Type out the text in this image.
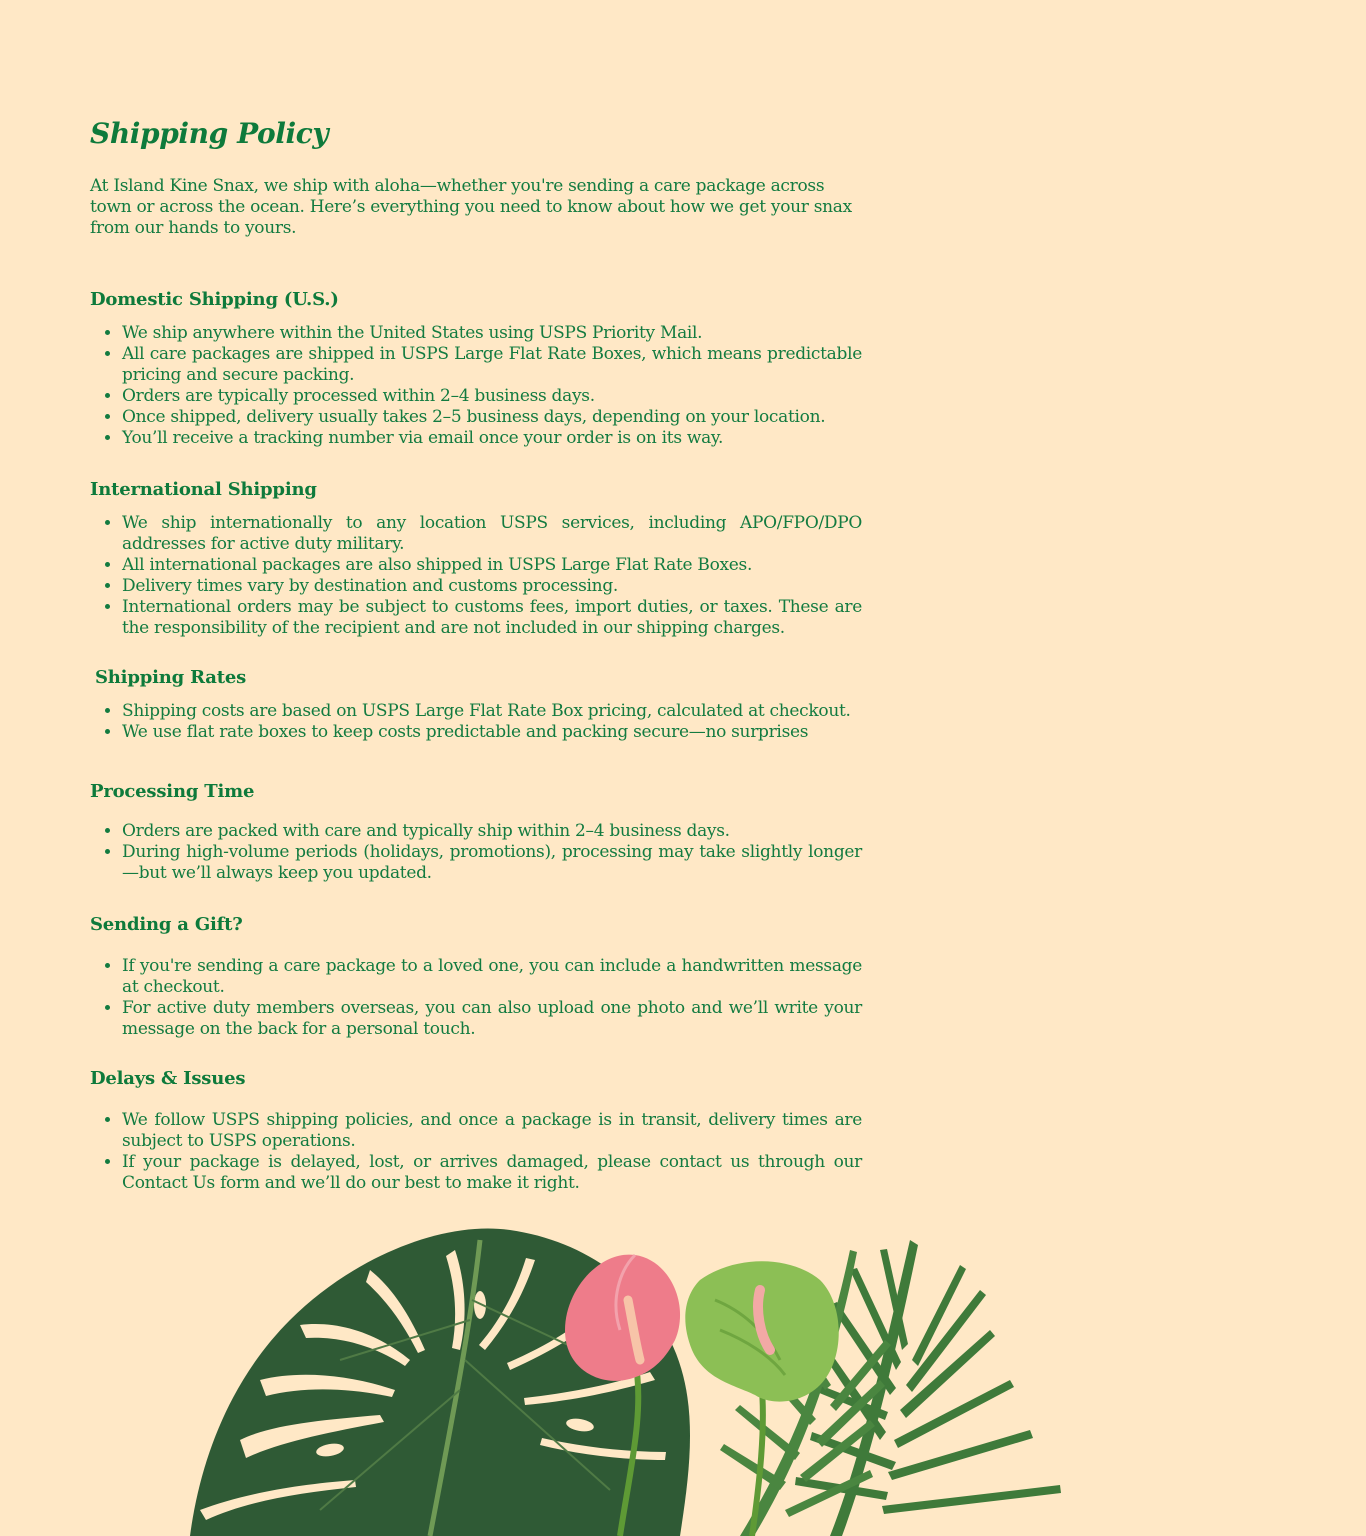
Shipping Policy

At Island Kine Snax, we ship with aloha—whether you're sending a care package across town or across the ocean. Here’s everything you need to know about how we get your snax from our hands to yours.

Domestic Shipping (U.S.)
• We ship anywhere within the United States using USPS Priority Mail.
• All care packages are shipped in USPS Large Flat Rate Boxes, which means predictable pricing and secure packing.
• Orders are typically processed within 2–4 business days.
• Once shipped, delivery usually takes 2–5 business days, depending on your location.
• You’ll receive a tracking number via email once your order is on its way.
International Shipping
• We ship internationally to any location USPS services, including APO/FPO/DPO addresses for active duty military.
• All international packages are also shipped in USPS Large Flat Rate Boxes.
• Delivery times vary by destination and customs processing.
• International orders may be subject to customs fees, import duties, or taxes. These are the responsibility of the recipient and are not included in our shipping charges.
Shipping Rates
• Shipping costs are based on USPS Large Flat Rate Box pricing, calculated at checkout.
• We use flat rate boxes to keep costs predictable and packing secure—no surprises
Processing Time
• Orders are packed with care and typically ship within 2–4 business days.
• During high-volume periods (holidays, promotions), processing may take slightly longer—but we’ll always keep you updated.
Sending a Gift?
• If you're sending a care package to a loved one, you can include a handwritten message at checkout.
• For active duty members overseas, you can also upload one photo and we’ll write your message on the back for a personal touch.
Delays & Issues
• We follow USPS shipping policies, and once a package is in transit, delivery times are subject to USPS operations.
• If your package is delayed, lost, or arrives damaged, please contact us through our Contact Us form and we’ll do our best to make it right.
